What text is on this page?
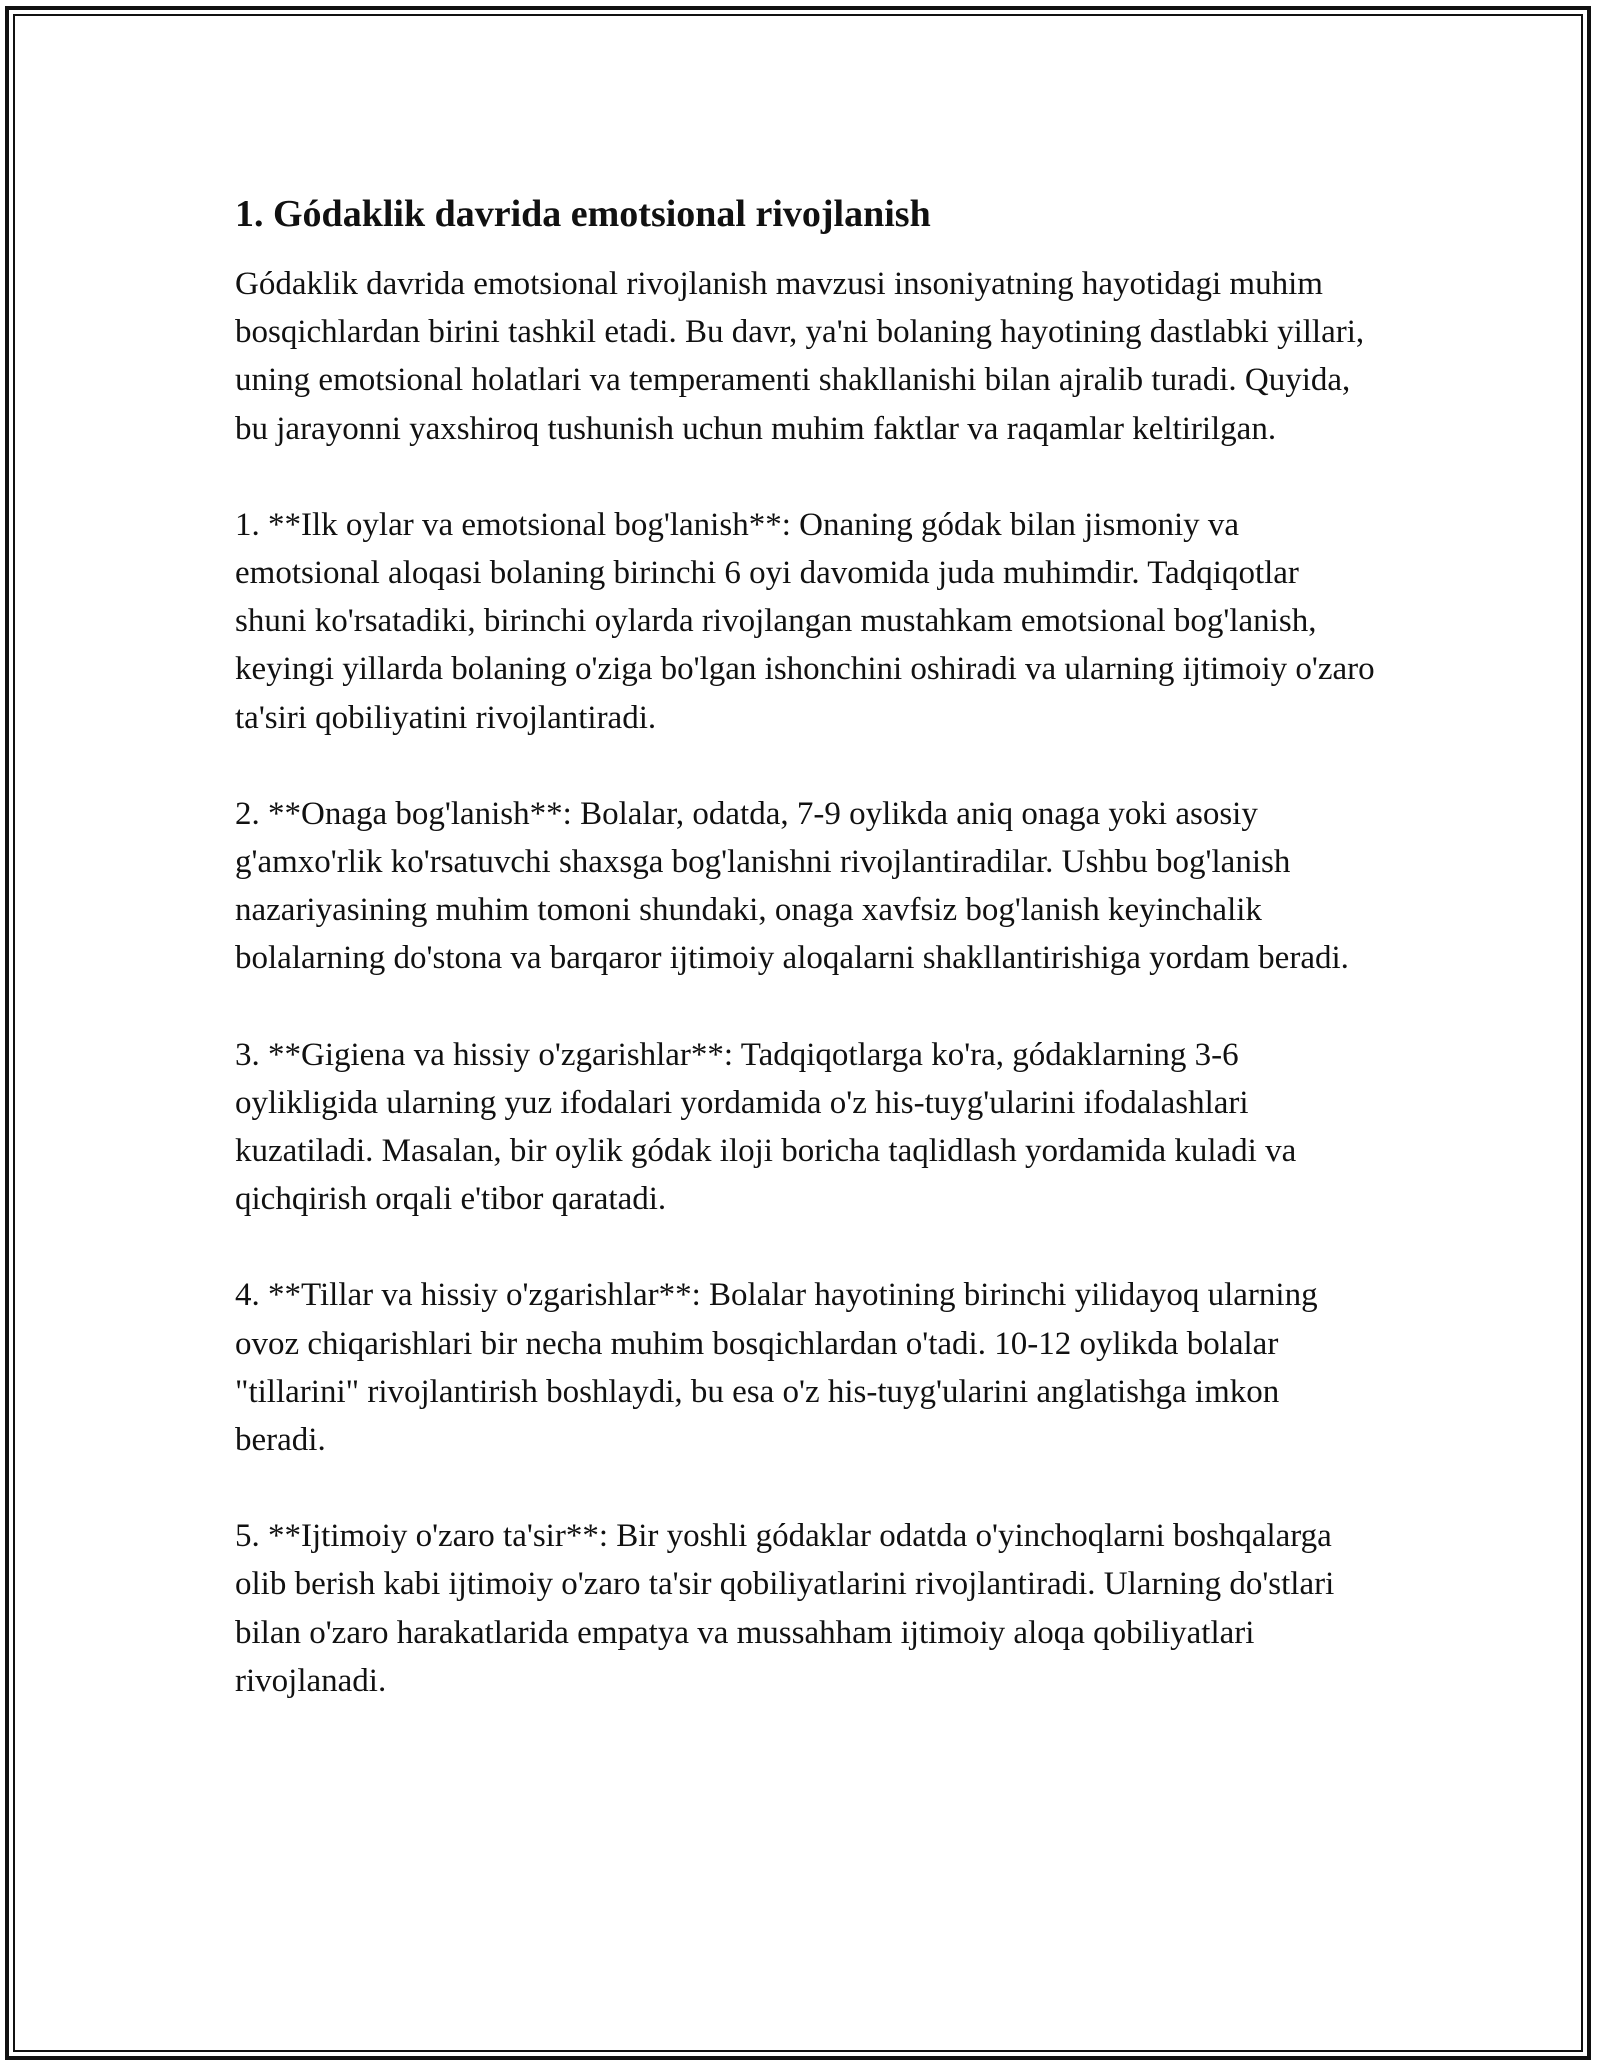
1. Gódaklik davrida emotsional rivojlanish

Gódaklik davrida emotsional rivojlanish mavzusi insoniyatning hayotidagi muhim bosqichlardan birini tashkil etadi. Bu davr, ya'ni bolaning hayotining dastlabki yillari, uning emotsional holatlari va temperamenti shakllanishi bilan ajralib turadi. Quyida, bu jarayonni yaxshiroq tushunish uchun muhim faktlar va raqamlar keltirilgan.

1. **Ilk oylar va emotsional bog'lanish**: Onaning gódak bilan jismoniy va emotsional aloqasi bolaning birinchi 6 oyi davomida juda muhimdir. Tadqiqotlar shuni ko'rsatadiki, birinchi oylarda rivojlangan mustahkam emotsional bog'lanish, keyingi yillarda bolaning o'ziga bo'lgan ishonchini oshiradi va ularning ijtimoiy o'zaro ta'siri qobiliyatini rivojlantiradi.

2. **Onaga bog'lanish**: Bolalar, odatda, 7-9 oylikda aniq onaga yoki asosiy g'amxo'rlik ko'rsatuvchi shaxsga bog'lanishni rivojlantiradilar. Ushbu bog'lanish nazariyasining muhim tomoni shundaki, onaga xavfsiz bog'lanish keyinchalik bolalarning do'stona va barqaror ijtimoiy aloqalarni shakllantirishiga yordam beradi.

3. **Gigiena va hissiy o'zgarishlar**: Tadqiqotlarga ko'ra, gódaklarning 3-6 oylikligida ularning yuz ifodalari yordamida o'z his-tuyg'ularini ifodalashlari kuzatiladi. Masalan, bir oylik gódak iloji boricha taqlidlash yordamida kuladi va qichqirish orqali e'tibor qaratadi.

4. **Tillar va hissiy o'zgarishlar**: Bolalar hayotining birinchi yilidayoq ularning ovoz chiqarishlari bir necha muhim bosqichlardan o'tadi. 10-12 oylikda bolalar "tillarini" rivojlantirish boshlaydi, bu esa o'z his-tuyg'ularini anglatishga imkon beradi.

5. **Ijtimoiy o'zaro ta'sir**: Bir yoshli gódaklar odatda o'yinchoqlarni boshqalarga olib berish kabi ijtimoiy o'zaro ta'sir qobiliyatlarini rivojlantiradi. Ularning do'stlari bilan o'zaro harakatlarida empatya va mussahham ijtimoiy aloqa qobiliyatlari rivojlanadi.
